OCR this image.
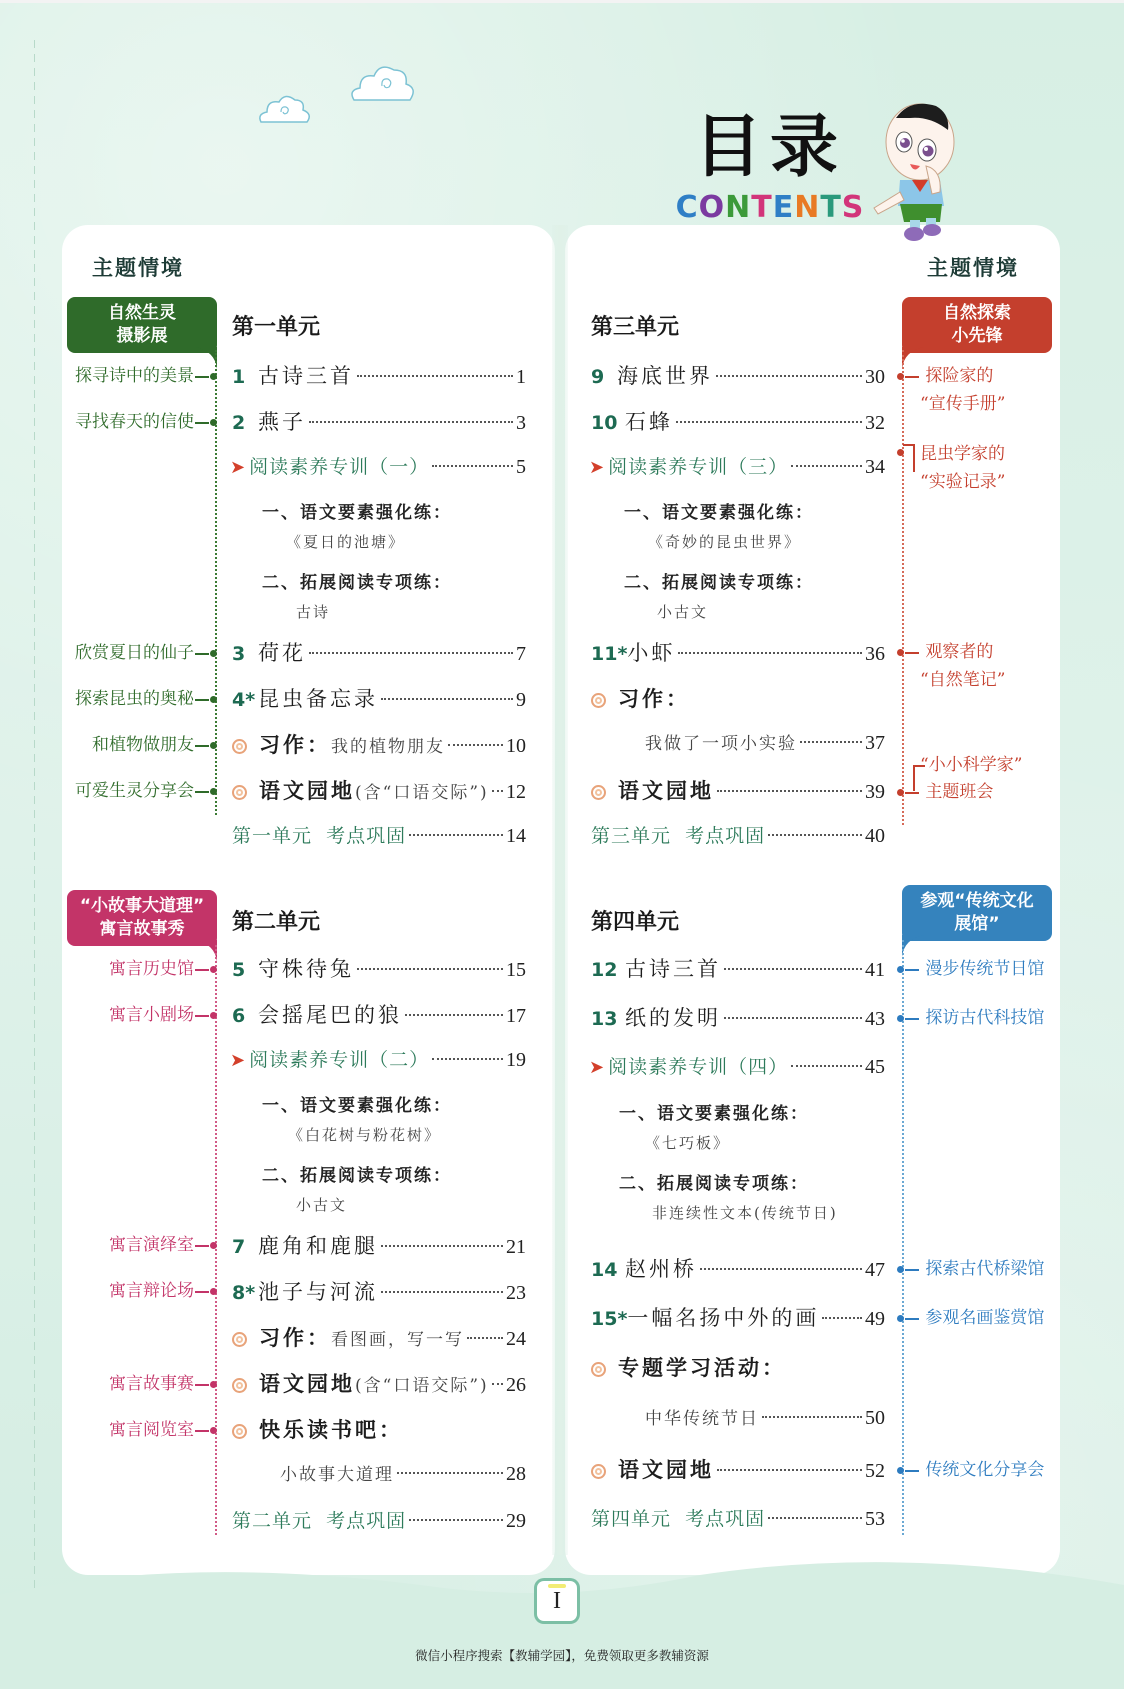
目录
CONTENTS
主题情境	主题情境
自然生灵
摄影展	第一单元
探寻诗中的美景
寻找春天的信使
欣赏夏日的仙子
探索昆虫的奥秘
和植物做朋友
可爱生灵分享会
1 古诗三首	1
2 燕子	3
➤ 阅读素养专训（一）	5
一、语文要素强化练：
《夏日的池塘》
二、拓展阅读专项练：
古诗
3 荷花	7
4* 昆虫备忘录	9
习作： 我的植物朋友	10
语文园地 (含“口语交际”) 12
第一单元  考点巩固	14
自然探索
小先锋
第三单元
探险家的
“宣传手册”
昆虫学家的
“实验记录”
观察者的
“自然笔记”
“小小科学家”
主题班会
9 海底世界	30
10 石蜂	32
➤ 阅读素养专训（三）	34
一、语文要素强化练：
《奇妙的昆虫世界》
二、拓展阅读专项练：
小古文
11* 小虾	36
习作：
我做了一项小实验	37
语文园地	39
第三单元  考点巩固	40
“小故事大道理”
寓言故事秀	第二单元
寓言历史馆
寓言小剧场
寓言演绎室
寓言辩论场
寓言故事赛
寓言阅览室
5 守株待兔	15
6 会摇尾巴的狼	17
➤ 阅读素养专训（二）	19
一、语文要素强化练：
《白花树与粉花树》
二、拓展阅读专项练：
小古文
7 鹿角和鹿腿	21
8* 池子与河流	23
习作： 看图画，写一写 24
语文园地 (含“口语交际”) 26
快乐读书吧：
小故事大道理	28
第二单元  考点巩固	29
参观“传统文化
展馆”
第四单元
漫步传统节日馆
探访古代科技馆
探索古代桥梁馆
参观名画鉴赏馆
传统文化分享会
12 古诗三首	41
13 纸的发明	43
➤ 阅读素养专训（四）	45
一、语文要素强化练：
《七巧板》
二、拓展阅读专项练：
非连续性文本(传统节日)
14 赵州桥	47
15* 一幅名扬中外的画 49
专题学习活动：
中华传统节日	50
语文园地	52
第四单元  考点巩固	53
I
微信小程序搜索【教辅学园】，免费领取更多教辅资源
